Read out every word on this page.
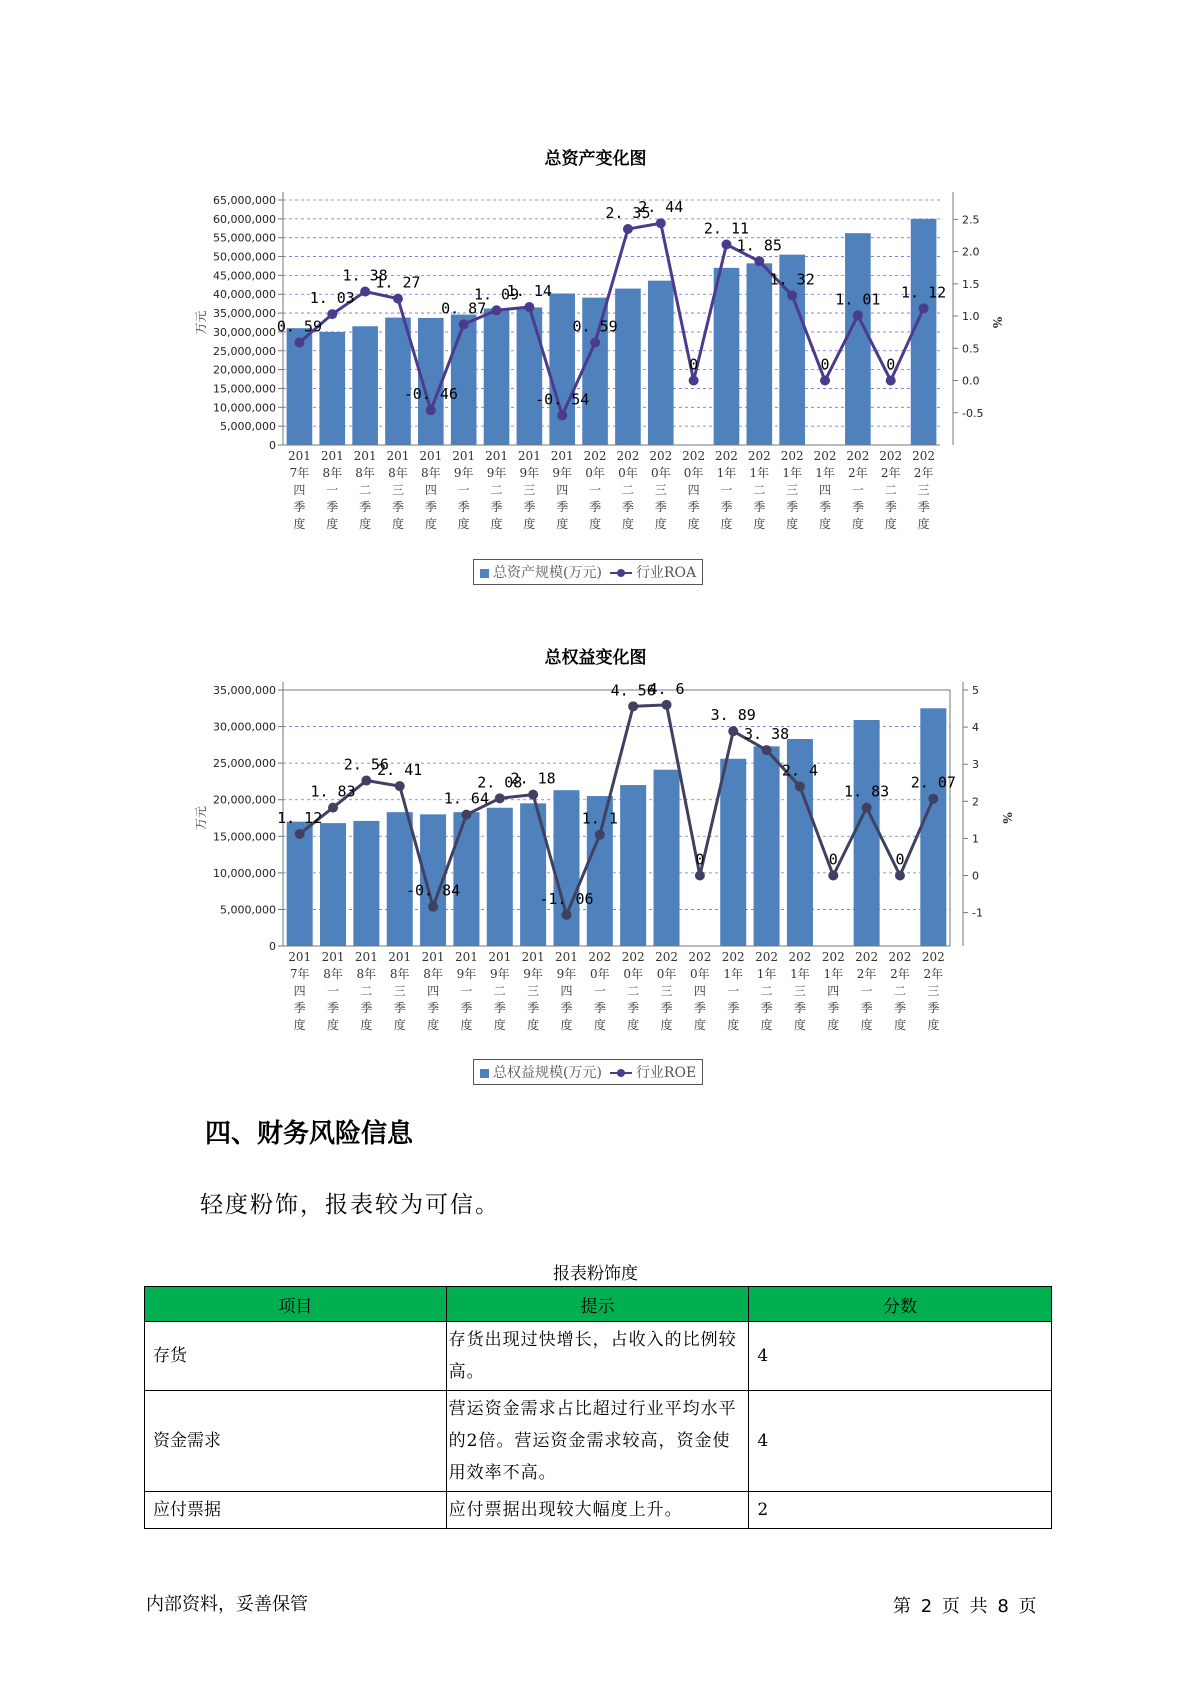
总资产变化图
0
5,000,000
10,000,000
15,000,000
20,000,000
25,000,000
30,000,000
35,000,000
40,000,000
45,000,000
50,000,000
55,000,000
60,000,000
65,000,000
-0.5
0.0
0.5
1.0
1.5
2.0
2.5
万元	%
0. 59
1. 03
1. 38
1. 27
-0. 46
0. 87
1. 09
1. 14
-0. 54
0. 59
2. 35
2. 44
0
2. 11
1. 85
1. 32
0
1. 01
0
1. 12
201 7年四季度
201 8年一季度
201 8年二季度
201 8年三季度
201 8年四季度
201 9年一季度
201 9年二季度
201 9年三季度
201 9年四季度
202 0年一季度
202 0年二季度
202 0年三季度
202 0年四季度
202 1年一季度
202 1年二季度
202 1年三季度
202 1年四季度
202 2年一季度
202 2年二季度
202 2年三季度
总资产规模(万元) 行业ROA
总权益变化图
0
5,000,000
10,000,000
15,000,000
20,000,000
25,000,000
30,000,000
35,000,000
-1
0
1
2
3
4
5
万元	%
1. 12
1. 83
2. 56
2. 41
-0. 84
1. 64
2. 08
2. 18
-1. 06
1. 1
4. 56
4. 6
0
3. 89
3. 38
2. 4
0
1. 83
0
2. 07
201 7年四季度
201 8年一季度
201 8年二季度
201 8年三季度
201 8年四季度
201 9年一季度
201 9年二季度
201 9年三季度
201 9年四季度
202 0年一季度
202 0年二季度
202 0年三季度
202 0年四季度
202 1年一季度
202 1年二季度
202 1年三季度
202 1年四季度
202 2年一季度
202 2年二季度
202 2年三季度
总权益规模(万元) 行业ROE
四、财务风险信息
轻度粉饰，报表较为可信。
报表粉饰度
项目	提示	分数
存货	存货出现过快增长，占收入的比例较高。	4
资金需求	营运资金需求占比超过行业平均水平的2倍。营运资金需求较高，资金使用效率不高。	4
应付票据	应付票据出现较大幅度上升。	2
内部资料，妥善保管	第 2 页 共 8 页
